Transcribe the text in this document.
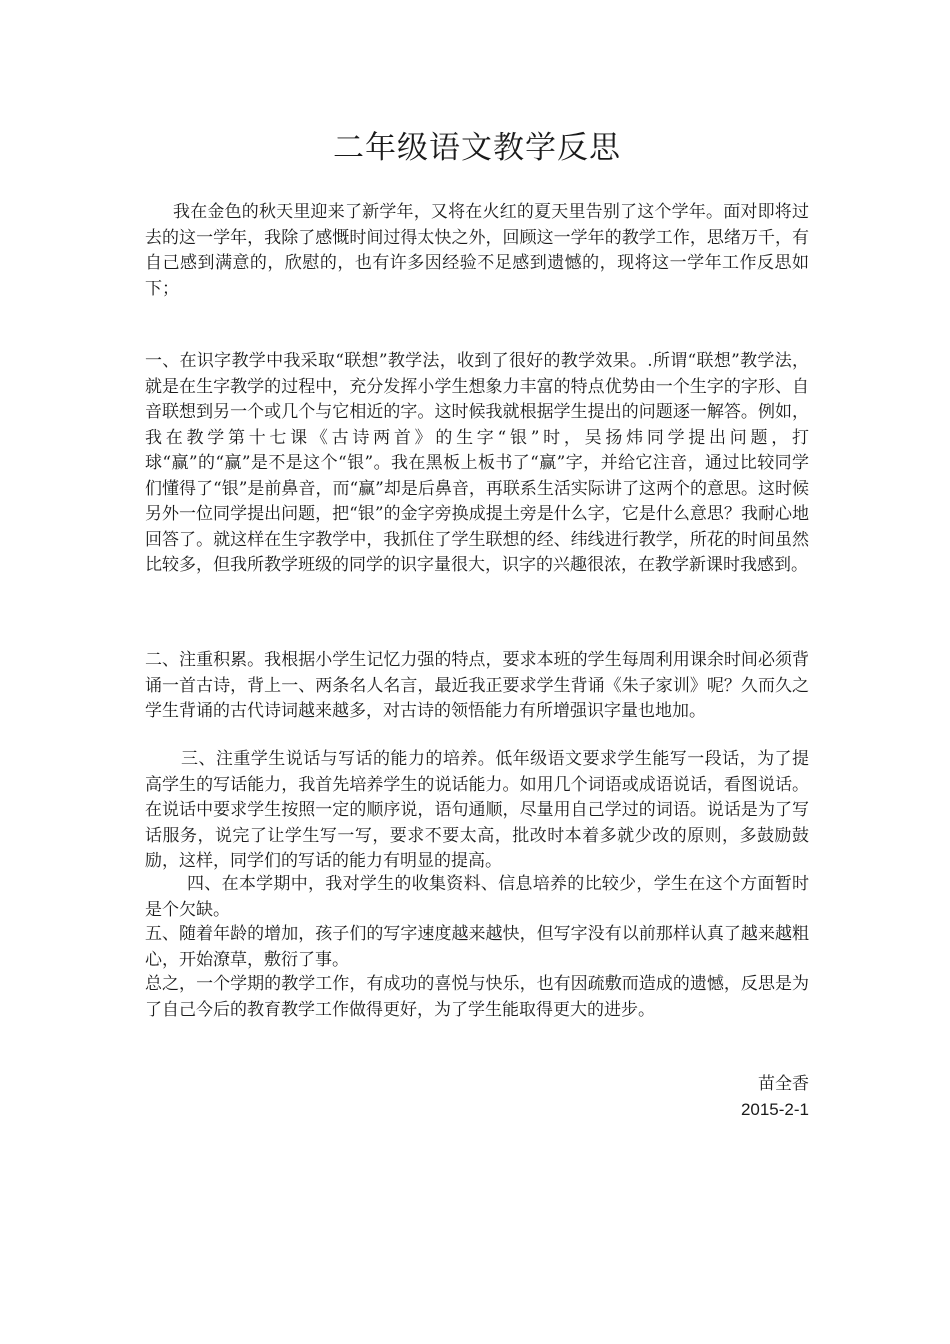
二年级语文教学反思

我在金色的秋天里迎来了新学年，又将在火红的夏天里告别了这个学年。面对即将过去的这一学年，我除了感慨时间过得太快之外，回顾这一学年的教学工作，思绪万千，有自己感到满意的，欣慰的，也有许多因经验不足感到遗憾的，现将这一学年工作反思如下；

一、在识字教学中我采取“联想”教学法，收到了很好的教学效果。.所谓“联想”教学法，就是在生字教学的过程中，充分发挥小学生想象力丰富的特点优势由一个生字的字形、自音联想到另一个或几个与它相近的字。这时候我就根据学生提出的问题逐一解答。例如，我在教学第十七课《古诗两首》的生字“银”时，吴扬炜同学提出问题，打球“赢”的“赢”是不是这个“银”。我在黑板上板书了“赢”字，并给它注音，通过比较同学们懂得了“银”是前鼻音，而“赢”却是后鼻音，再联系生活实际讲了这两个的意思。这时候另外一位同学提出问题，把“银”的金字旁换成提土旁是什么字，它是什么意思？我耐心地回答了。就这样在生字教学中，我抓住了学生联想的经、纬线进行教学，所花的时间虽然比较多，但我所教学班级的同学的识字量很大，识字的兴趣很浓，在教学新课时我感到。

二、注重积累。我根据小学生记忆力强的特点，要求本班的学生每周利用课余时间必须背诵一首古诗，背上一、两条名人名言，最近我正要求学生背诵《朱子家训》呢？久而久之学生背诵的古代诗词越来越多，对古诗的领悟能力有所增强识字量也地加。

三、注重学生说话与写话的能力的培养。低年级语文要求学生能写一段话，为了提高学生的写话能力，我首先培养学生的说话能力。如用几个词语或成语说话，看图说话。在说话中要求学生按照一定的顺序说，语句通顺，尽量用自己学过的词语。说话是为了写话服务，说完了让学生写一写，要求不要太高，批改时本着多就少改的原则，多鼓励鼓励，这样，同学们的写话的能力有明显的提高。

四、在本学期中，我对学生的收集资料、信息培养的比较少，学生在这个方面暂时是个欠缺。

五、随着年龄的增加，孩子们的写字速度越来越快，但写字没有以前那样认真了越来越粗心，开始潦草，敷衍了事。

总之，一个学期的教学工作，有成功的喜悦与快乐，也有因疏敷而造成的遗憾，反思是为了自己今后的教育教学工作做得更好，为了学生能取得更大的进步。

苗全香

2015-2-1
